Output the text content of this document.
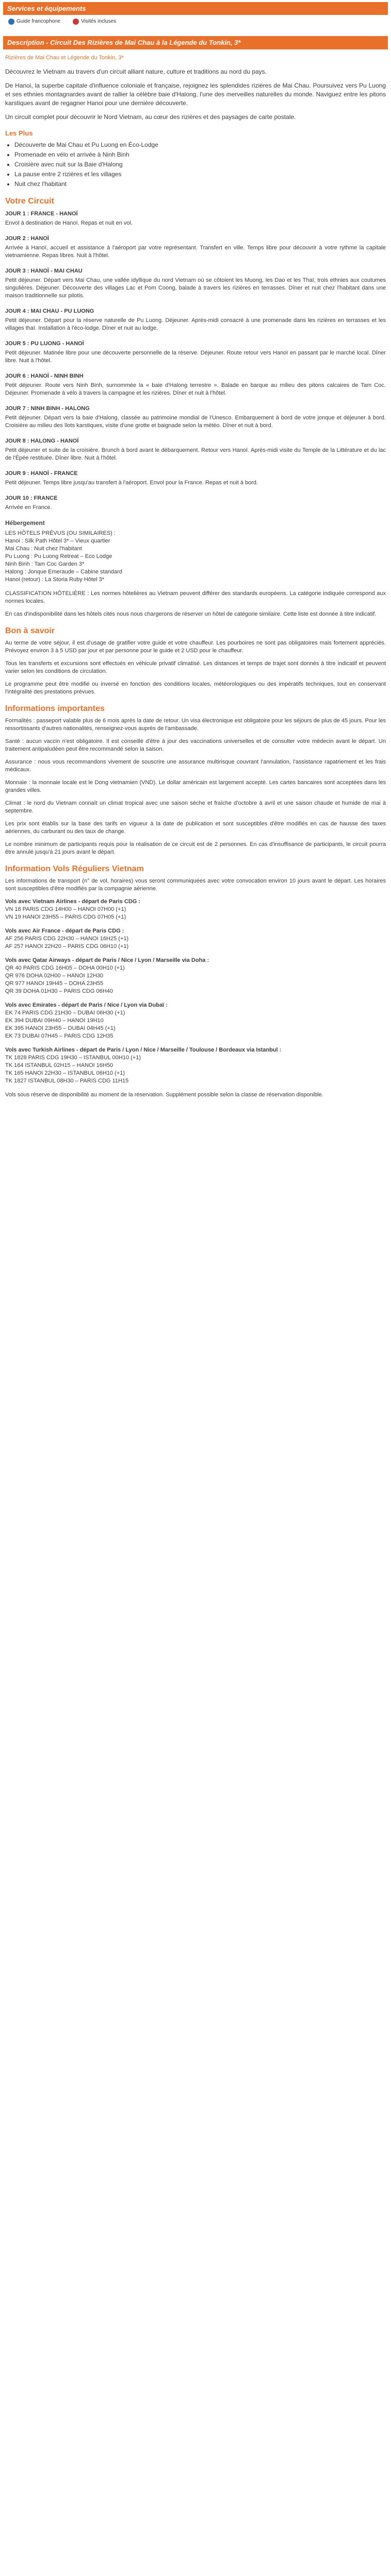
Services et équipements
Guide francophone	Visités incluses
Description - Circuit Des Rizières de Mai Chau à la Légende du Tonkin, 3*
Rizières de Mai Chau et Légende du Tonkin, 3*

Découvrez le Vietnam au travers d'un circuit alliant nature, culture et traditions au nord du pays.

De Hanoi, la superbe capitale d'influence coloniale et française, rejoignez les splendides rizières de Mai Chau. Poursuivez vers Pu Luong et ses ethnies montagnardes avant de rallier la célèbre baie d'Halong, l'une des merveilles naturelles du monde. Naviguez entre les pitons karstiques avant de regagner Hanoi pour une dernière découverte.

Un circuit complet pour découvrir le Nord Vietnam, au cœur des rizières et des paysages de carte postale.

Les Plus
• Découverte de Mai Chau et Pu Luong en Éco-Lodge
• Promenade en vélo et arrivée à Ninh Binh
• Croisière avec nuit sur la Baie d'Halong
• La pause entre 2 rizières et les villages
• Nuit chez l'habitant
Votre Circuit
JOUR 1 : FRANCE - HANOÏ
Envol à destination de Hanoï. Repas et nuit en vol.
JOUR 2 : HANOÏ
Arrivée à Hanoï, accueil et assistance à l'aéroport par votre représentant. Transfert en ville. Temps libre pour découvrir à votre rythme la capitale vietnamienne. Repas libres. Nuit à l'hôtel.
JOUR 3 : HANOÏ - MAI CHAU
Petit déjeuner. Départ vers Mai Chau, une vallée idyllique du nord Vietnam où se côtoient les Muong, les Dao et les Thaï, trois ethnies aux coutumes singulières. Déjeuner. Découverte des villages Lac et Pom Coong, balade à travers les rizières en terrasses. Dîner et nuit chez l'habitant dans une maison traditionnelle sur pilotis.
JOUR 4 : MAI CHAU - PU LUONG
Petit déjeuner. Départ pour la réserve naturelle de Pu Luong. Déjeuner. Après-midi consacré à une promenade dans les rizières en terrasses et les villages thaï. Installation à l'éco-lodge. Dîner et nuit au lodge.
JOUR 5 : PU LUONG - HANOÏ
Petit déjeuner. Matinée libre pour une découverte personnelle de la réserve. Déjeuner. Route retour vers Hanoï en passant par le marché local. Dîner libre. Nuit à l'hôtel.
JOUR 6 : HANOÏ - NINH BINH
Petit déjeuner. Route vers Ninh Binh, surnommée la « baie d'Halong terrestre ». Balade en barque au milieu des pitons calcaires de Tam Coc. Déjeuner. Promenade à vélo à travers la campagne et les rizières. Dîner et nuit à l'hôtel.
JOUR 7 : NINH BINH - HALONG
Petit déjeuner. Départ vers la baie d'Halong, classée au patrimoine mondial de l'Unesco. Embarquement à bord de votre jonque et déjeuner à bord. Croisière au milieu des îlots karstiques, visite d'une grotte et baignade selon la météo. Dîner et nuit à bord.
JOUR 8 : HALONG - HANOÏ
Petit déjeuner et suite de la croisière. Brunch à bord avant le débarquement. Retour vers Hanoï. Après-midi visite du Temple de la Littérature et du lac de l'Épée restituée. Dîner libre. Nuit à l'hôtel.
JOUR 9 : HANOÏ - FRANCE
Petit déjeuner. Temps libre jusqu'au transfert à l'aéroport. Envol pour la France. Repas et nuit à bord.
JOUR 10 : FRANCE
Arrivée en France.
Hébergement
LES HÔTELS PRÉVUS (OU SIMILAIRES) :
Hanoi : Silk Path Hôtel 3* – Vieux quartier
Mai Chau : Nuit chez l'habitant
Pu Luong : Pu Luong Retreat – Eco Lodge
Ninh Binh : Tam Coc Garden 3*
Halong : Jonque Emeraude – Cabine standard
Hanoi (retour) : La Storia Ruby Hôtel 3*
CLASSIFICATION HÔTELIÈRE : Les normes hôtelières au Vietnam peuvent différer des standards européens. La catégorie indiquée correspond aux normes locales.
En cas d'indisponibilité dans les hôtels cités nous nous chargerons de réserver un hôtel de catégorie similaire. Cette liste est donnée à titre indicatif.
Bon à savoir
Au terme de votre séjour, il est d'usage de gratifier votre guide et votre chauffeur. Les pourboires ne sont pas obligatoires mais fortement appréciés. Prévoyez environ 3 à 5 USD par jour et par personne pour le guide et 2 USD pour le chauffeur.
Tous les transferts et excursions sont effectués en véhicule privatif climatisé. Les distances et temps de trajet sont donnés à titre indicatif et peuvent varier selon les conditions de circulation.
Le programme peut être modifié ou inversé en fonction des conditions locales, météorologiques ou des impératifs techniques, tout en conservant l'intégralité des prestations prévues.
Informations importantes
Formalités : passeport valable plus de 6 mois après la date de retour. Un visa électronique est obligatoire pour les séjours de plus de 45 jours. Pour les ressortissants d'autres nationalités, renseignez-vous auprès de l'ambassade.
Santé : aucun vaccin n'est obligatoire. Il est conseillé d'être à jour des vaccinations universelles et de consulter votre médecin avant le départ. Un traitement antipaludéen peut être recommandé selon la saison.
Assurance : nous vous recommandons vivement de souscrire une assurance multirisque couvrant l'annulation, l'assistance rapatriement et les frais médicaux.
Monnaie : la monnaie locale est le Dong vietnamien (VND). Le dollar américain est largement accepté. Les cartes bancaires sont acceptées dans les grandes villes.
Climat : le nord du Vietnam connaît un climat tropical avec une saison sèche et fraîche d'octobre à avril et une saison chaude et humide de mai à septembre.
Les prix sont établis sur la base des tarifs en vigueur à la date de publication et sont susceptibles d'être modifiés en cas de hausse des taxes aériennes, du carburant ou des taux de change.
Le nombre minimum de participants requis pour la réalisation de ce circuit est de 2 personnes. En cas d'insuffisance de participants, le circuit pourra être annulé jusqu'à 21 jours avant le départ.
Information Vols Réguliers Vietnam
Les informations de transport (n° de vol, horaires) vous seront communiquées avec votre convocation environ 10 jours avant le départ. Les horaires sont susceptibles d'être modifiés par la compagnie aérienne.
Vols avec Vietnam Airlines - départ de Paris CDG :
VN 18 PARIS CDG 14H00 – HANOI 07H00 (+1)
VN 19 HANOI 23H55 – PARIS CDG 07H05 (+1)
Vols avec Air France - départ de Paris CDG :
AF 256 PARIS CDG 22H30 – HANOI 16H25 (+1)
AF 257 HANOI 22H20 – PARIS CDG 06H10 (+1)
Vols avec Qatar Airways - départ de Paris / Nice / Lyon / Marseille via Doha :
QR 40 PARIS CDG 16H05 – DOHA 00H10 (+1)
QR 976 DOHA 02H00 – HANOI 12H30
QR 977 HANOI 19H45 – DOHA 23H55
QR 39 DOHA 01H30 – PARIS CDG 06H40
Vols avec Emirates - départ de Paris / Nice / Lyon via Dubaï :
EK 74 PARIS CDG 21H30 – DUBAI 06H30 (+1)
EK 394 DUBAI 09H40 – HANOI 19H10
EK 395 HANOI 23H55 – DUBAI 04H45 (+1)
EK 73 DUBAI 07H45 – PARIS CDG 12H35
Vols avec Turkish Airlines - départ de Paris / Lyon / Nice / Marseille / Toulouse / Bordeaux via Istanbul :
TK 1828 PARIS CDG 19H30 – ISTANBUL 00H10 (+1)
TK 164 ISTANBUL 02H15 – HANOI 16H50
TK 165 HANOI 22H30 – ISTANBUL 06H10 (+1)
TK 1827 ISTANBUL 08H30 – PARIS CDG 11H15
Vols sous réserve de disponibilité au moment de la réservation. Supplément possible selon la classe de réservation disponible.
